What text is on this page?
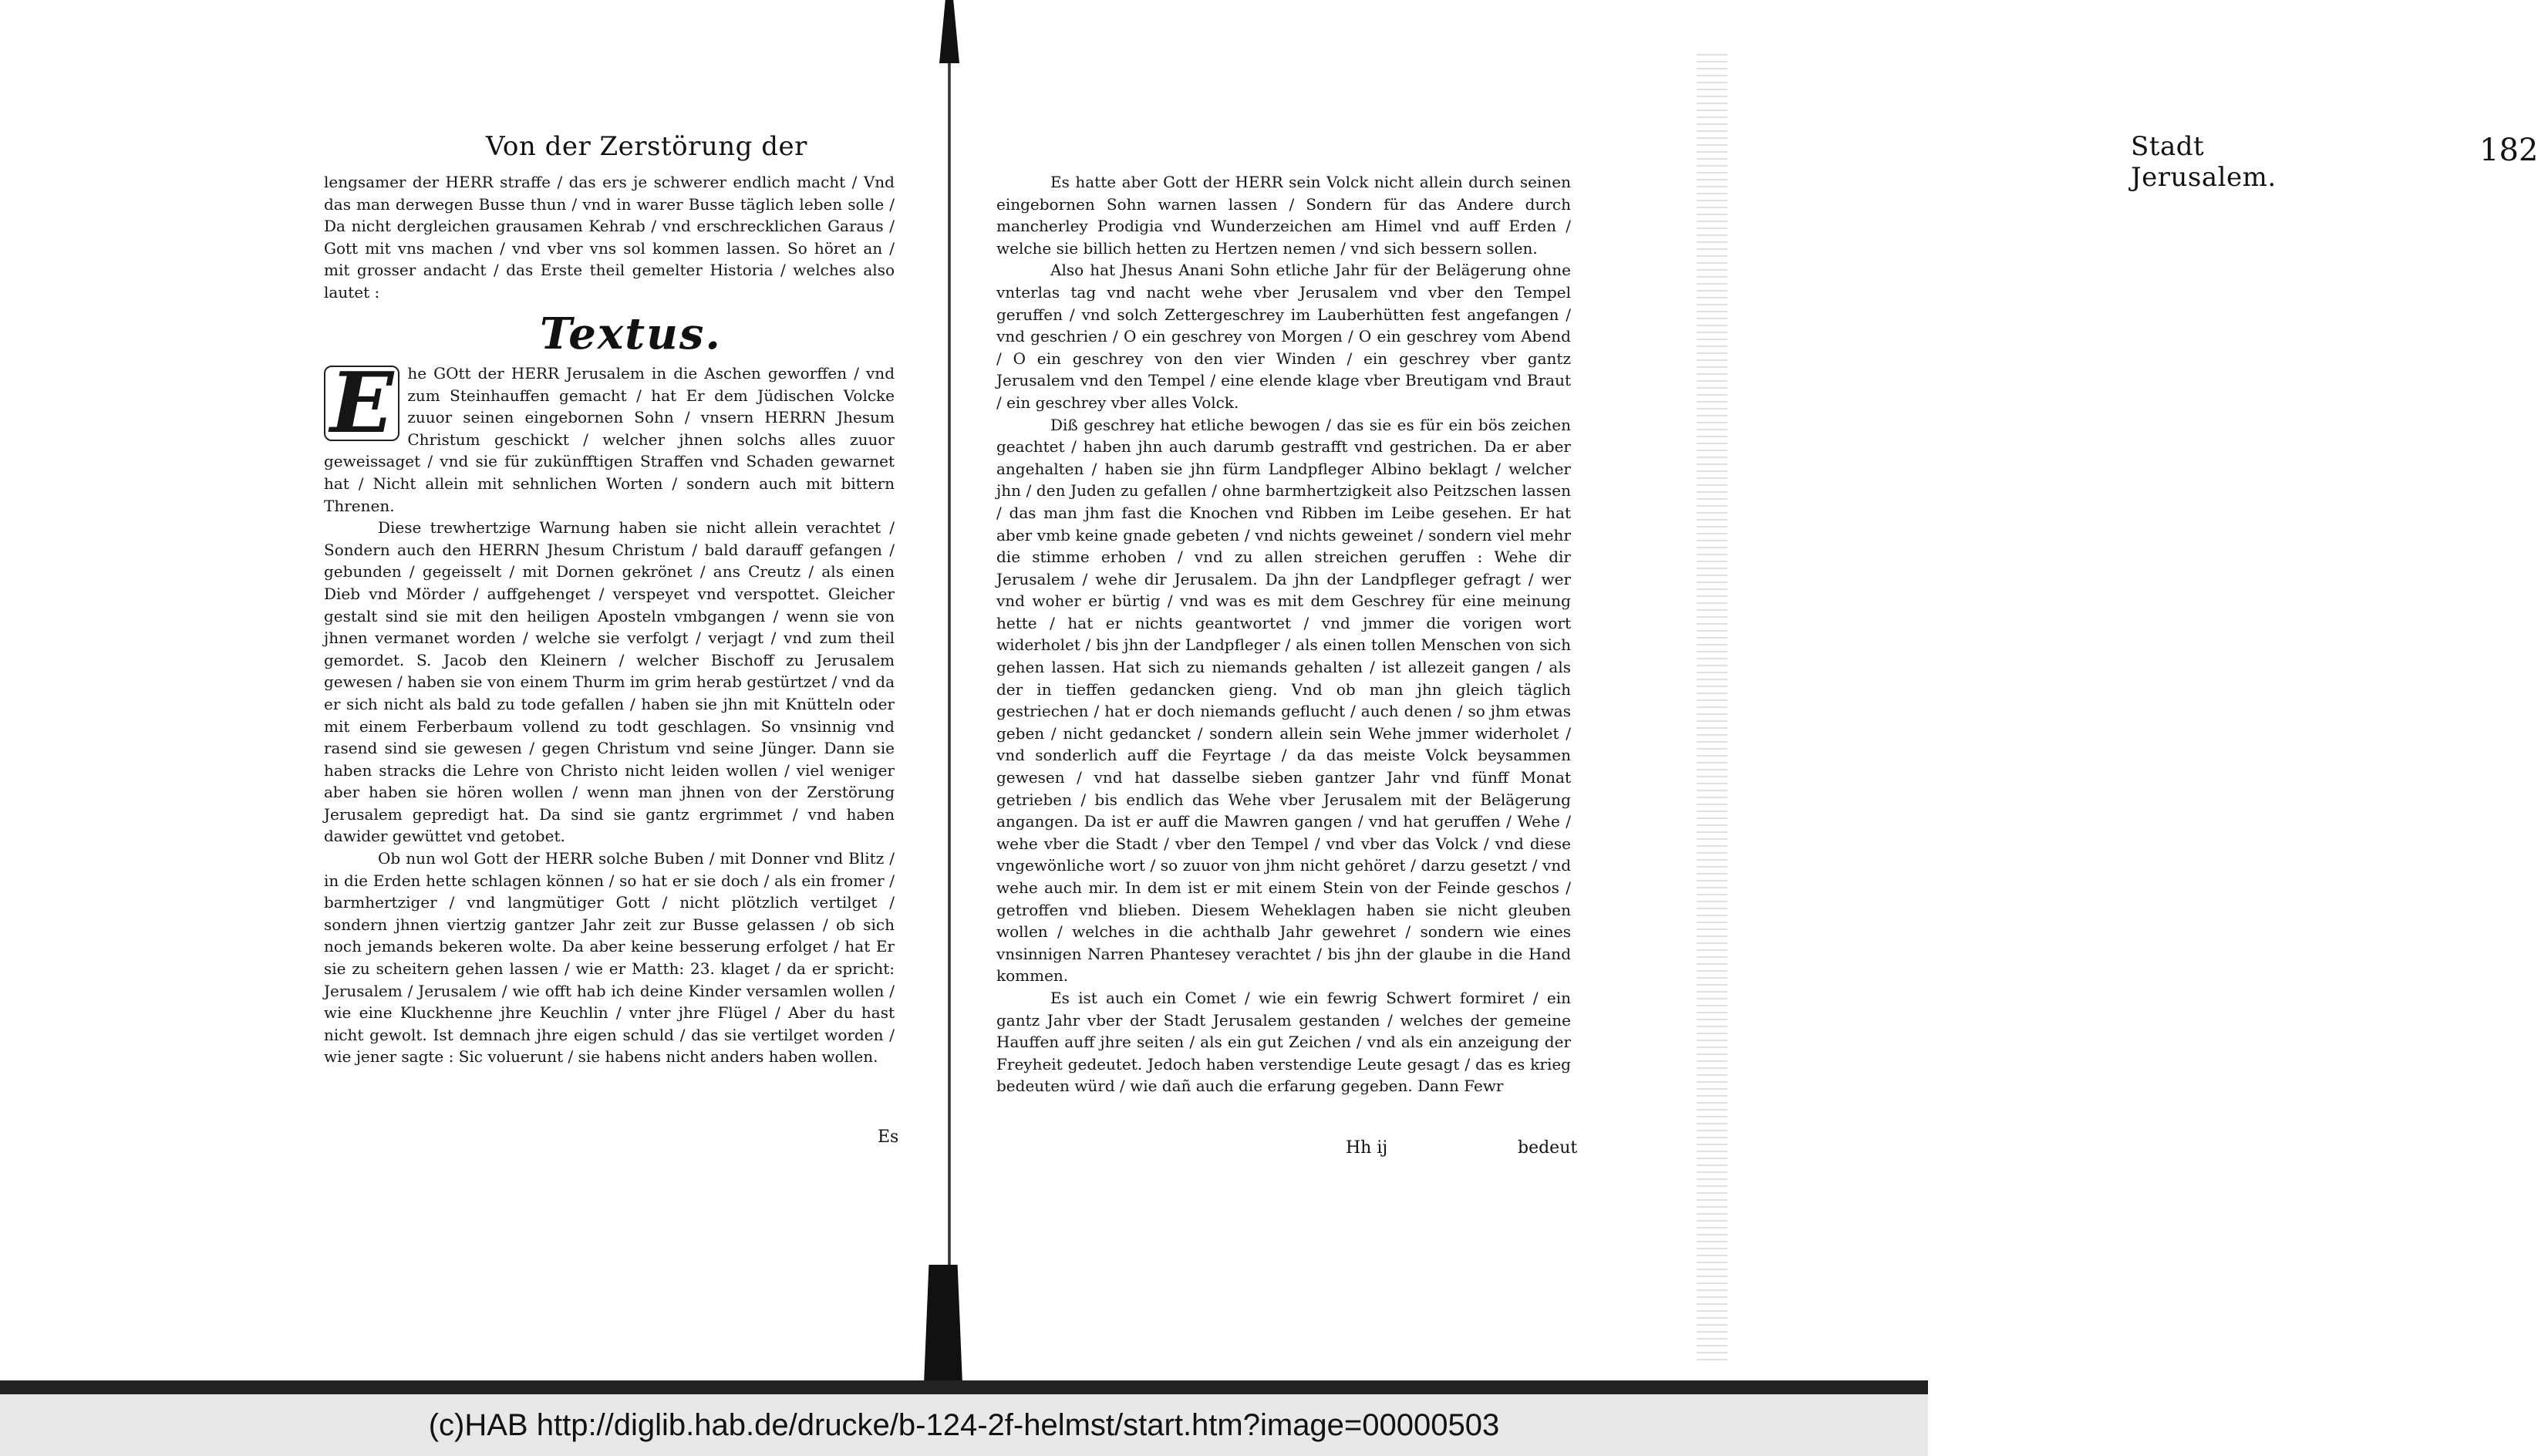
Von der Zerstörung der

lengsamer der HERR straffe / das ers je schwerer endlich macht / Vnd das man derwegen Busse thun / vnd in warer Busse täglich leben solle / Da nicht dergleichen grausamen Kehrab / vnd erschrecklichen Garaus / Gott mit vns machen / vnd vber vns sol kommen lassen. So höret an / mit grosser andacht / das Erste theil gemelter Historia / welches also lautet :

Textus.

E he GOtt der HERR Jerusalem in die Aschen geworffen / vnd zum Steinhauffen gemacht / hat Er dem Jüdischen Volcke zuuor seinen eingebornen Sohn / vnsern HERRN Jhesum Christum geschickt / welcher jhnen solchs alles zuuor geweissaget / vnd sie für zukünfftigen Straffen vnd Schaden gewarnet hat / Nicht allein mit sehnlichen Worten / sondern auch mit bittern Threnen.

Diese trewhertzige Warnung haben sie nicht allein verachtet / Sondern auch den HERRN Jhesum Christum / bald darauff gefangen / gebunden / gegeisselt / mit Dornen gekrönet / ans Creutz / als einen Dieb vnd Mörder / auffgehenget / verspeyet vnd verspottet. Gleicher gestalt sind sie mit den heiligen Aposteln vmbgangen / wenn sie von jhnen vermanet worden / welche sie verfolgt / verjagt / vnd zum theil gemordet. S. Jacob den Kleinern / welcher Bischoff zu Jerusalem gewesen / haben sie von einem Thurm im grim herab gestürtzet / vnd da er sich nicht als bald zu tode gefallen / haben sie jhn mit Knütteln oder mit einem Ferberbaum vollend zu todt geschlagen. So vnsinnig vnd rasend sind sie gewesen / gegen Christum vnd seine Jünger. Dann sie haben stracks die Lehre von Christo nicht leiden wollen / viel weniger aber haben sie hören wollen / wenn man jhnen von der Zerstörung Jerusalem gepredigt hat. Da sind sie gantz ergrimmet / vnd haben dawider gewüttet vnd getobet.

Ob nun wol Gott der HERR solche Buben / mit Donner vnd Blitz / in die Erden hette schlagen können / so hat er sie doch / als ein fromer / barmhertziger / vnd langmütiger Gott / nicht plötzlich vertilget / sondern jhnen viertzig gantzer Jahr zeit zur Busse gelassen / ob sich noch jemands bekeren wolte. Da aber keine besserung erfolget / hat Er sie zu scheitern gehen lassen / wie er Matth: 23. klaget / da er spricht: Jerusalem / Jerusalem / wie offt hab ich deine Kinder versamlen wollen / wie eine Kluckhenne jhre Keuchlin / vnter jhre Flügel / Aber du hast nicht gewolt. Ist demnach jhre eigen schuld / das sie vertilget worden / wie jener sagte : Sic voluerunt / sie habens nicht anders haben wollen.

Es
Stadt Jerusalem.
182

Es hatte aber Gott der HERR sein Volck nicht allein durch seinen eingebornen Sohn warnen lassen / Sondern für das Andere durch mancherley Prodigia vnd Wunderzeichen am Himel vnd auff Erden / welche sie billich hetten zu Hertzen nemen / vnd sich bessern sollen.

Also hat Jhesus Anani Sohn etliche Jahr für der Belägerung ohne vnterlas tag vnd nacht wehe vber Jerusalem vnd vber den Tempel geruffen / vnd solch Zettergeschrey im Lauberhütten fest angefangen / vnd geschrien / O ein geschrey von Morgen / O ein geschrey vom Abend / O ein geschrey von den vier Winden / ein geschrey vber gantz Jerusalem vnd den Tempel / eine elende klage vber Breutigam vnd Braut / ein geschrey vber alles Volck.

Diß geschrey hat etliche bewogen / das sie es für ein bös zeichen geachtet / haben jhn auch darumb gestrafft vnd gestrichen. Da er aber angehalten / haben sie jhn fürm Landpfleger Albino beklagt / welcher jhn / den Juden zu gefallen / ohne barmhertzigkeit also Peitzschen lassen / das man jhm fast die Knochen vnd Ribben im Leibe gesehen. Er hat aber vmb keine gnade gebeten / vnd nichts geweinet / sondern viel mehr die stimme erhoben / vnd zu allen streichen geruffen : Wehe dir Jerusalem / wehe dir Jerusalem. Da jhn der Landpfleger gefragt / wer vnd woher er bürtig / vnd was es mit dem Geschrey für eine meinung hette / hat er nichts geantwortet / vnd jmmer die vorigen wort widerholet / bis jhn der Landpfleger / als einen tollen Menschen von sich gehen lassen. Hat sich zu niemands gehalten / ist allezeit gangen / als der in tieffen gedancken gieng. Vnd ob man jhn gleich täglich gestriechen / hat er doch niemands geflucht / auch denen / so jhm etwas geben / nicht gedancket / sondern allein sein Wehe jmmer widerholet / vnd sonderlich auff die Feyrtage / da das meiste Volck beysammen gewesen / vnd hat dasselbe sieben gantzer Jahr vnd fünff Monat getrieben / bis endlich das Wehe vber Jerusalem mit der Belägerung angangen. Da ist er auff die Mawren gangen / vnd hat geruffen / Wehe / wehe vber die Stadt / vber den Tempel / vnd vber das Volck / vnd diese vngewönliche wort / so zuuor von jhm nicht gehöret / darzu gesetzt / vnd wehe auch mir. In dem ist er mit einem Stein von der Feinde geschos / getroffen vnd blieben. Diesem Weheklagen haben sie nicht gleuben wollen / welches in die achthalb Jahr gewehret / sondern wie eines vnsinnigen Narren Phantesey verachtet / bis jhn der glaube in die Hand kommen.

Es ist auch ein Comet / wie ein fewrig Schwert formiret / ein gantz Jahr vber der Stadt Jerusalem gestanden / welches der gemeine Hauffen auff jhre seiten / als ein gut Zeichen / vnd als ein anzeigung der Freyheit gedeutet. Jedoch haben verstendige Leute gesagt / das es krieg bedeuten würd / wie dañ auch die erfarung gegeben. Dann Fewr

Hh ij	bedeut
(c)HAB http://diglib.hab.de/drucke/b-124-2f-helmst/start.htm?image=00000503
